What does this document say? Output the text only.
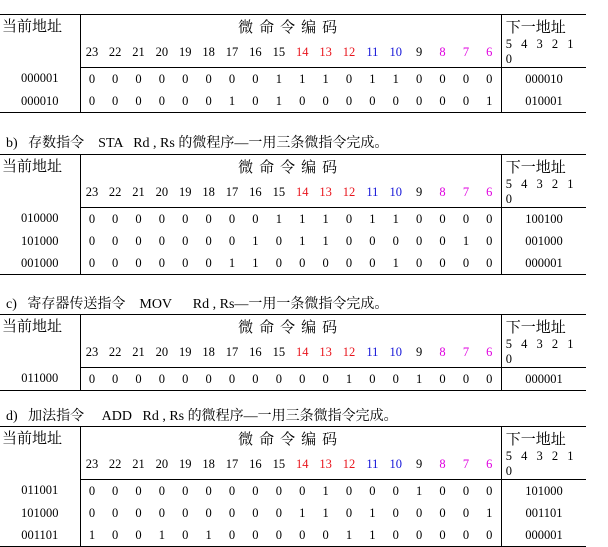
当前地址	微命令编码																		下一地址
	23	22	21	20	19	18	17	16	15	14	13	12	11	10	9	8	7	6	5 4 3 2 1 0
000001	0	0	0	0	0	0	0	0	1	1	1	0	1	1	0	0	0	0	000010
000010	0	0	0	0	0	0	1	0	1	0	0	0	0	0	0	0	0	1	010001
b)   存数指令    STA   Rd , Rs 的微程序—一用三条微指令完成。
当前地址	微命令编码																		下一地址
	23	22	21	20	19	18	17	16	15	14	13	12	11	10	9	8	7	6	5 4 3 2 1 0
010000	0	0	0	0	0	0	0	0	1	1	1	0	1	1	0	0	0	0	100100
101000	0	0	0	0	0	0	0	1	0	1	1	0	0	0	0	0	1	0	001000
001000	0	0	0	0	0	0	1	1	0	0	0	0	0	1	0	0	0	0	000001
c)   寄存器传送指令    MOV      Rd , Rs—一用一条微指令完成。
当前地址	微命令编码																		下一地址
	23	22	21	20	19	18	17	16	15	14	13	12	11	10	9	8	7	6	5 4 3 2 1 0
011000	0	0	0	0	0	0	0	0	0	0	0	1	0	0	1	0	0	0	000001
d)   加法指令     ADD   Rd , Rs 的微程序—一用三条微指令完成。
当前地址	微命令编码																		下一地址
	23	22	21	20	19	18	17	16	15	14	13	12	11	10	9	8	7	6	5 4 3 2 1 0
011001	0	0	0	0	0	0	0	0	0	0	1	0	0	0	1	0	0	0	101000
101000	0	0	0	0	0	0	0	0	0	1	1	0	1	0	0	0	0	1	001101
001101	1	0	0	1	0	1	0	0	0	0	0	1	1	0	0	0	0	0	000001
